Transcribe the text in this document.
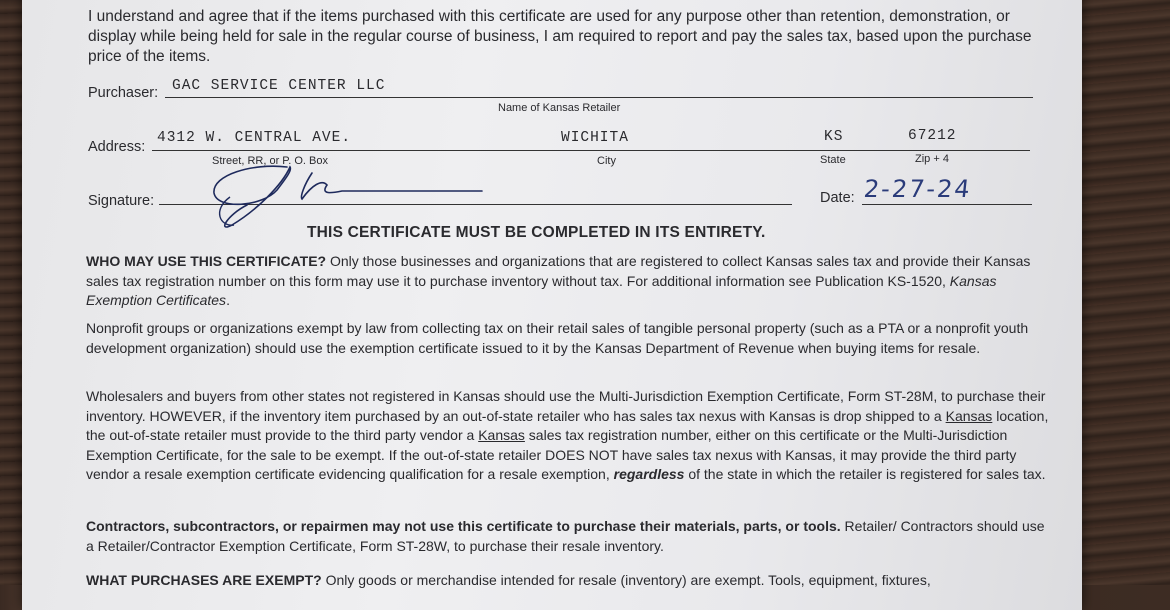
I understand and agree that if the items purchased with this certificate are used for any purpose other than retention, demonstration, or display while being held for sale in the regular course of business, I am required to report and pay the sales tax, based upon the purchase price of the items.

Purchaser: GAC SERVICE CENTER LLC
Name of Kansas Retailer
Address:
4312 W. CENTRAL AVE.	WICHITA	KS	67212
Street, RR, or P. O. Box	City	State	Zip + 4
Signature:	Date: 2-27-24
THIS CERTIFICATE MUST BE COMPLETED IN ITS ENTIRETY.

WHO MAY USE THIS CERTIFICATE? Only those businesses and organizations that are registered to collect Kansas sales tax and provide their Kansas sales tax registration number on this form may use it to purchase inventory without tax. For additional information see Publication KS-1520, Kansas Exemption Certificates.

Nonprofit groups or organizations exempt by law from collecting tax on their retail sales of tangible personal property (such as a PTA or a nonprofit youth development organization) should use the exemption certificate issued to it by the Kansas Department of Revenue when buying items for resale.

Wholesalers and buyers from other states not registered in Kansas should use the Multi-Jurisdiction Exemption Certificate, Form ST-28M, to purchase their inventory. HOWEVER, if the inventory item purchased by an out-of-state retailer who has sales tax nexus with Kansas is drop shipped to a Kansas location, the out-of-state retailer must provide to the third party vendor a Kansas sales tax registration number, either on this certificate or the Multi-Jurisdiction Exemption Certificate, for the sale to be exempt. If the out-of-state retailer DOES NOT have sales tax nexus with Kansas, it may provide the third party vendor a resale exemption certificate evidencing qualification for a resale exemption, regardless of the state in which the retailer is registered for sales tax.

Contractors, subcontractors, or repairmen may not use this certificate to purchase their materials, parts, or tools. Retailer/ Contractors should use a Retailer/Contractor Exemption Certificate, Form ST-28W, to purchase their resale inventory.

WHAT PURCHASES ARE EXEMPT? Only goods or merchandise intended for resale (inventory) are exempt. Tools, equipment, fixtures,
